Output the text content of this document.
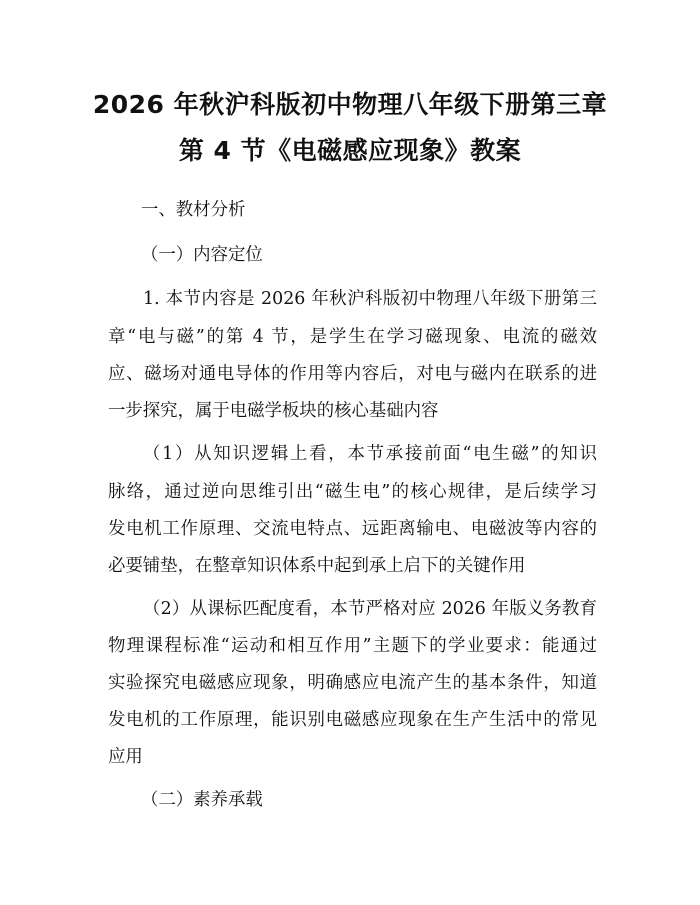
2026 年秋沪科版初中物理八年级下册第三章
第 4 节《电磁感应现象》教案
一、教材分析
（一）内容定位
1. 本节内容是 2026 年秋沪科版初中物理八年级下册第三
章“电与磁”的第 4 节，是学生在学习磁现象、电流的磁效
应、磁场对通电导体的作用等内容后，对电与磁内在联系的进
一步探究，属于电磁学板块的核心基础内容
（1）从知识逻辑上看，本节承接前面“电生磁”的知识
脉络，通过逆向思维引出“磁生电”的核心规律，是后续学习
发电机工作原理、交流电特点、远距离输电、电磁波等内容的
必要铺垫，在整章知识体系中起到承上启下的关键作用
（2）从课标匹配度看，本节严格对应 2026 年版义务教育
物理课程标准“运动和相互作用”主题下的学业要求：能通过
实验探究电磁感应现象，明确感应电流产生的基本条件，知道
发电机的工作原理，能识别电磁感应现象在生产生活中的常见
应用
（二）素养承载
